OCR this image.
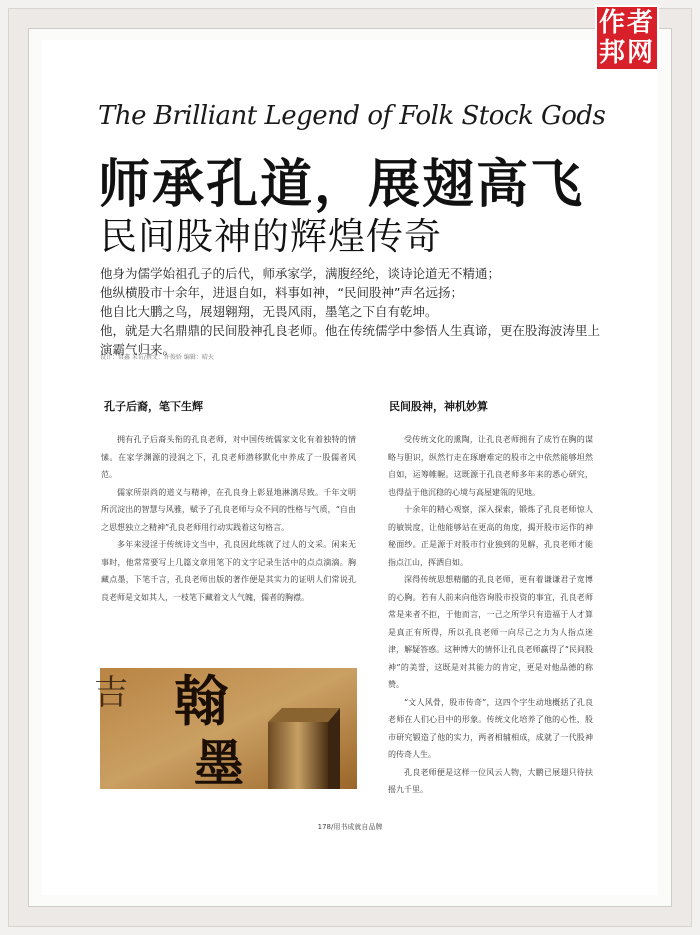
作者
邦网
The Brilliant Legend of Folk Stock Gods
师承孔道，展翅高飞
民间股神的辉煌传奇

他身为儒学始祖孔子的后代，师承家学，满腹经纶，谈诗论道无不精通；

他纵横股市十余年，进退自如，料事如神，“民间股神”声名远扬；

他自比大鹏之鸟，展翅翱翔，无畏风雨，墨笔之下自有乾坤。

他，就是大名鼎鼎的民间股神孔良老师。他在传统儒学中参悟人生真谛，更在股海波涛里上演霸气归来。

设计：常鑫 采访/撰文：许俊娇 编辑：晴天
孔子后裔，笔下生辉

拥有孔子后裔头衔的孔良老师，对中国传统儒家文化有着独特的情愫。在家学渊源的浸润之下，孔良老师潜移默化中养成了一股儒者风范。

儒家所崇尚的道义与精神，在孔良身上彰显地淋漓尽致。千年文明所沉淀出的智慧与风雅，赋予了孔良老师与众不同的性格与气质，“自由之思想独立之精神”孔良老师用行动实践着这句格言。

多年来浸淫于传统诗文当中，孔良因此练就了过人的文采。闲来无事时，他常常要写上几篇文章用笔下的文字记录生活中的点点滴滴。胸藏点墨，下笔千言，孔良老师出版的著作便是其实力的证明人们常说孔良老师是文如其人，一枝笔下藏着文人气魄，儒者的胸襟。

翰
墨
吉
民间股神，神机妙算

受传统文化的熏陶，让孔良老师拥有了成竹在胸的谋略与胆识，纵然行走在琢磨难定的股市之中依然能够坦然自如，运筹帷幄。这既源于孔良老师多年来的悉心研究，也得益于他沉稳的心境与高屋建瓴的见地。

十余年的精心观察，深入探索，锻炼了孔良老师惊人的敏锐度，让他能够站在更高的角度，揭开股市运作的神秘面纱。正是源于对股市行业独到的见解，孔良老师才能指点江山，挥洒自如。

深得传统思想精髓的孔良老师，更有着谦谦君子宽博的心胸。若有人前来向他咨询股市投资的事宜，孔良老师常是来者不拒，于他而言，一己之所学只有造福于人才算是真正有所得，所以孔良老师一向尽己之力为人指点迷津，解疑答惑。这种博大的情怀让孔良老师赢得了“民间股神”的美誉，这既是对其能力的肯定，更是对他品德的称赞。

“文人风骨，股市传奇”，这四个字生动地概括了孔良老师在人们心目中的形象。传统文化培养了他的心性，股市研究锻造了他的实力，两者相辅相成，成就了一代股神的传奇人生。

孔良老师便是这样一位风云人物，大鹏已展翅只待扶摇九千里。

178/用书成就自品牌
